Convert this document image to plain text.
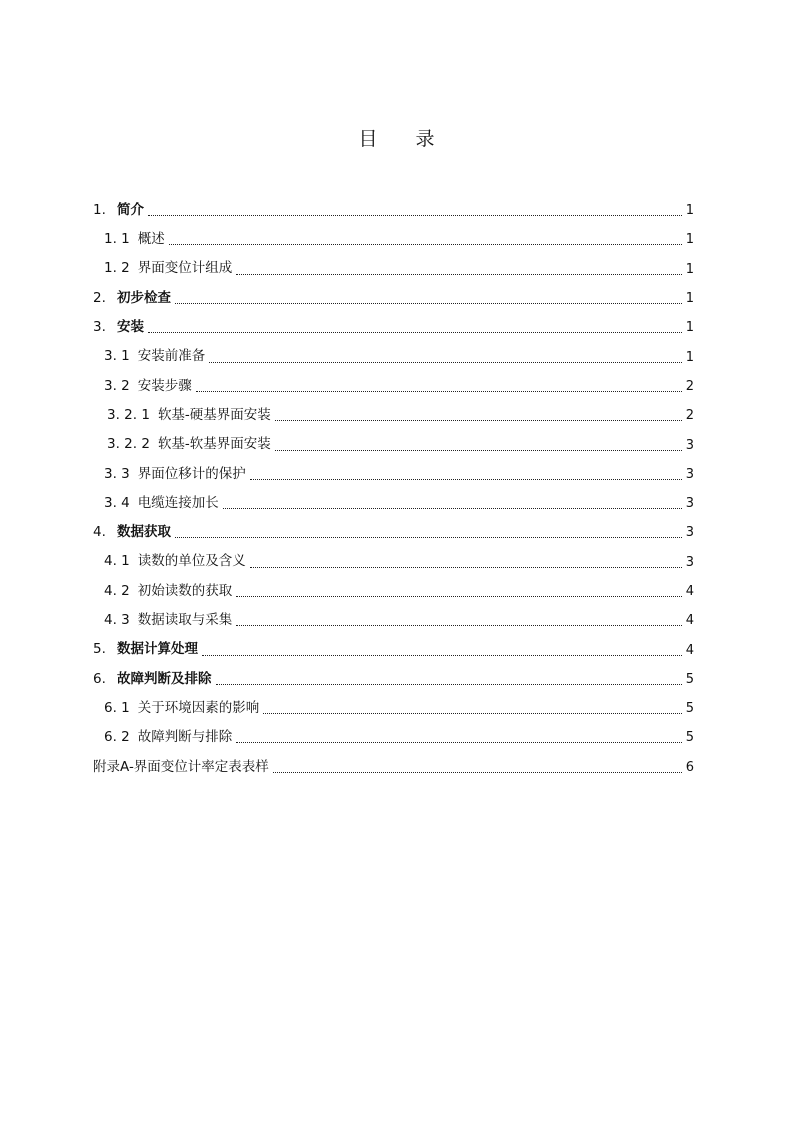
目 录
1. 简介	1
1. 1 概述	1
1. 2 界面变位计组成	1
2. 初步检查	1
3. 安装	1
3. 1 安装前准备	1
3. 2 安装步骤	2
3. 2. 1 软基-硬基界面安装	2
3. 2. 2 软基-软基界面安装	3
3. 3 界面位移计的保护	3
3. 4 电缆连接加长	3
4. 数据获取	3
4. 1 读数的单位及含义	3
4. 2 初始读数的获取	4
4. 3 数据读取与采集	4
5. 数据计算处理	4
6. 故障判断及排除	5
6. 1 关于环境因素的影响	5
6. 2 故障判断与排除	5
附录A-界面变位计率定表表样	6
